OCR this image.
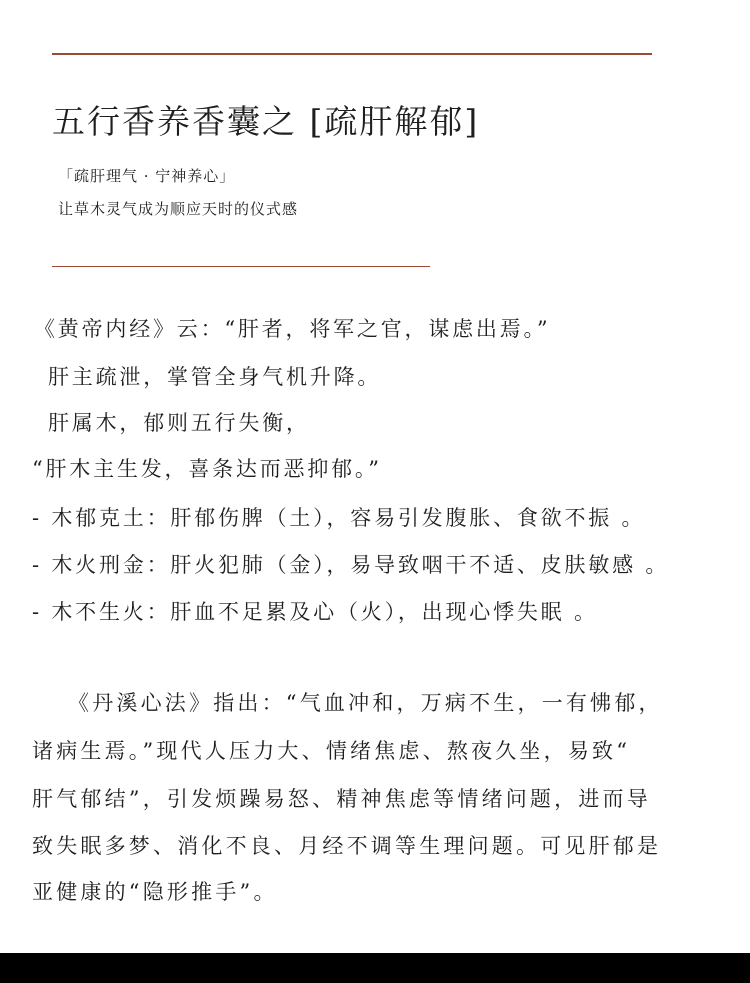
五行香养香囊之 [疏肝解郁]
「疏肝理气 · 宁神养心」
让草木灵气成为顺应天时的仪式感
《黄帝内经》云：“肝者，将军之官，谋虑出焉。”
肝主疏泄，掌管全身气机升降。
肝属木，郁则五行失衡，
“肝木主生发，喜条达而恶抑郁。”
- 木郁克土：肝郁伤脾（土），容易引发腹胀、食欲不振 。
- 木火刑金：肝火犯肺（金），易导致咽干不适、皮肤敏感 。
- 木不生火：肝血不足累及心（火），出现心悸失眠 。
《丹溪心法》指出：“气血冲和，万病不生，一有怫郁，
诸病生焉。”现代人压力大、情绪焦虑、熬夜久坐，易致“
肝气郁结”，引发烦躁易怒、精神焦虑等情绪问题，进而导
致失眠多梦、消化不良、月经不调等生理问题。可见肝郁是
亚健康的“隐形推手”。
